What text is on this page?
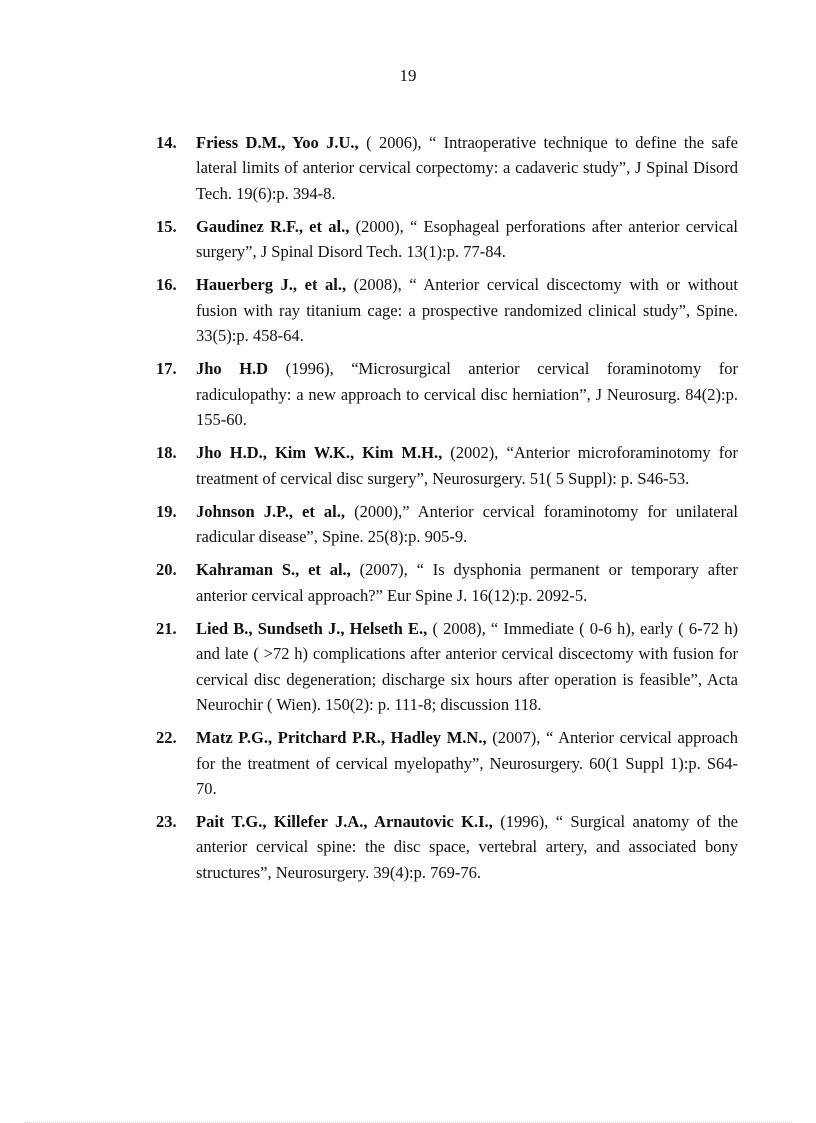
19
14. Friess D.M., Yoo J.U., ( 2006), “ Intraoperative technique to define the safe lateral limits of anterior cervical corpectomy: a cadaveric study”, J Spinal Disord Tech. 19(6):p. 394-8.
15. Gaudinez R.F., et al., (2000), “ Esophageal perforations after anterior cervical surgery”, J Spinal Disord Tech. 13(1):p. 77-84.
16. Hauerberg J., et al., (2008), “ Anterior cervical discectomy with or without fusion with ray titanium cage: a prospective randomized clinical study”, Spine. 33(5):p. 458-64.
17. Jho H.D (1996), “Microsurgical anterior cervical foraminotomy for radiculopathy: a new approach to cervical disc herniation”, J Neurosurg. 84(2):p. 155-60.
18. Jho H.D., Kim W.K., Kim M.H., (2002), “Anterior microforaminotomy for treatment of cervical disc surgery”, Neurosurgery. 51( 5 Suppl): p. S46-53.
19. Johnson J.P., et al., (2000),” Anterior cervical foraminotomy for unilateral radicular disease”, Spine. 25(8):p. 905-9.
20. Kahraman S., et al., (2007), “ Is dysphonia permanent or temporary after anterior cervical approach?” Eur Spine J. 16(12):p. 2092-5.
21. Lied B., Sundseth J., Helseth E., ( 2008), “ Immediate ( 0-6 h), early ( 6-72 h) and late ( >72 h) complications after anterior cervical discectomy with fusion for cervical disc degeneration; discharge six hours after operation is feasible”, Acta Neurochir ( Wien). 150(2): p. 111-8; discussion 118.
22. Matz P.G., Pritchard P.R., Hadley M.N., (2007), “ Anterior cervical approach for the treatment of cervical myelopathy”, Neurosurgery. 60(1 Suppl 1):p. S64-70.
23. Pait T.G., Killefer J.A., Arnautovic K.I., (1996), “ Surgical anatomy of the anterior cervical spine: the disc space, vertebral artery, and associated bony structures”, Neurosurgery. 39(4):p. 769-76.
